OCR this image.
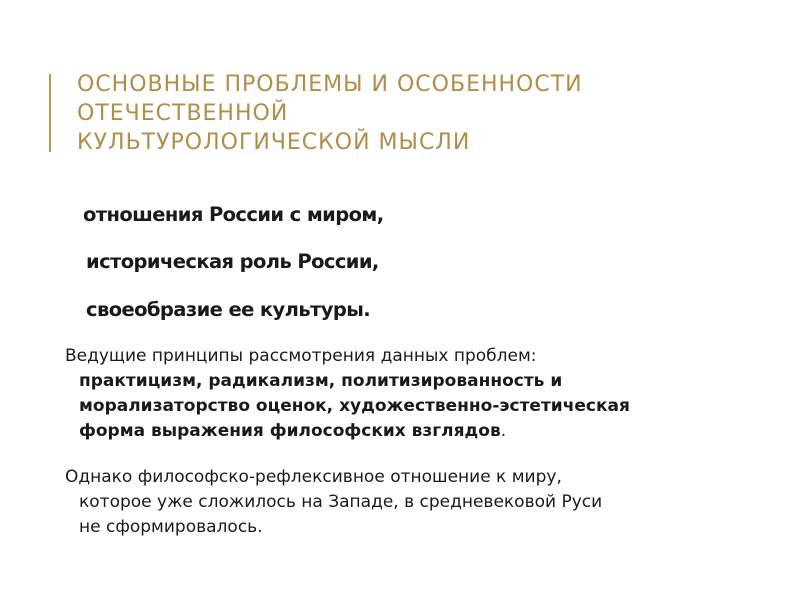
ОСНОВНЫЕ ПРОБЛЕМЫ И ОСОБЕННОСТИ
ОТЕЧЕСТВЕННОЙ
КУЛЬТУРОЛОГИЧЕСКОЙ МЫСЛИ
отношения России с миром,
историческая роль России,
своеобразие ее культуры.
Ведущие принципы рассмотрения данных проблем:
практицизм, радикализм, политизированность и
морализаторство оценок, художественно-эстетическая
форма выражения философских взглядов.
Однако философско-рефлексивное отношение к миру,
которое уже сложилось на Западе, в средневековой Руси
не сформировалось.
